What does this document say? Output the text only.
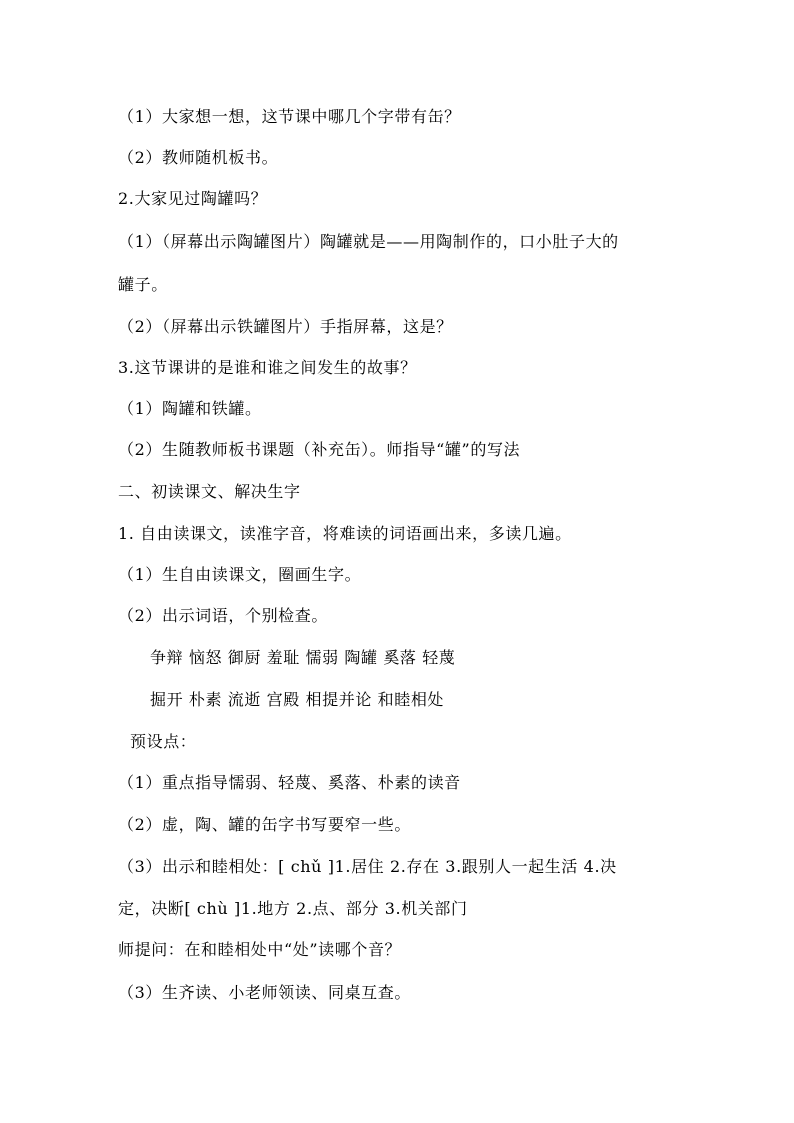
（1）大家想一想，这节课中哪几个字带有缶？
（2）教师随机板书。
2.大家见过陶罐吗？
（1）（屏幕出示陶罐图片）陶罐就是——用陶制作的，口小肚子大的
罐子。
（2）（屏幕出示铁罐图片）手指屏幕，这是？
3.这节课讲的是谁和谁之间发生的故事？
（1）陶罐和铁罐。
（2）生随教师板书课题（补充缶）。师指导“罐”的写法
二、初读课文、解决生字
1. 自由读课文，读准字音，将难读的词语画出来，多读几遍。
（1）生自由读课文，圈画生字。
（2）出示词语，个别检查。
争辩 恼怒 御厨 羞耻 懦弱 陶罐 奚落 轻蔑
掘开 朴素 流逝 宫殿 相提并论 和睦相处
预设点：
（1）重点指导懦弱、轻蔑、奚落、朴素的读音
（2）虚，陶、罐的缶字书写要窄一些。
（3）出示和睦相处：[ chǔ ]1.居住 2.存在 3.跟别人一起生活 4.决
定，决断[ chù ]1.地方 2.点、部分 3.机关部门
师提问：在和睦相处中“处”读哪个音？
（3）生齐读、小老师领读、同桌互查。
